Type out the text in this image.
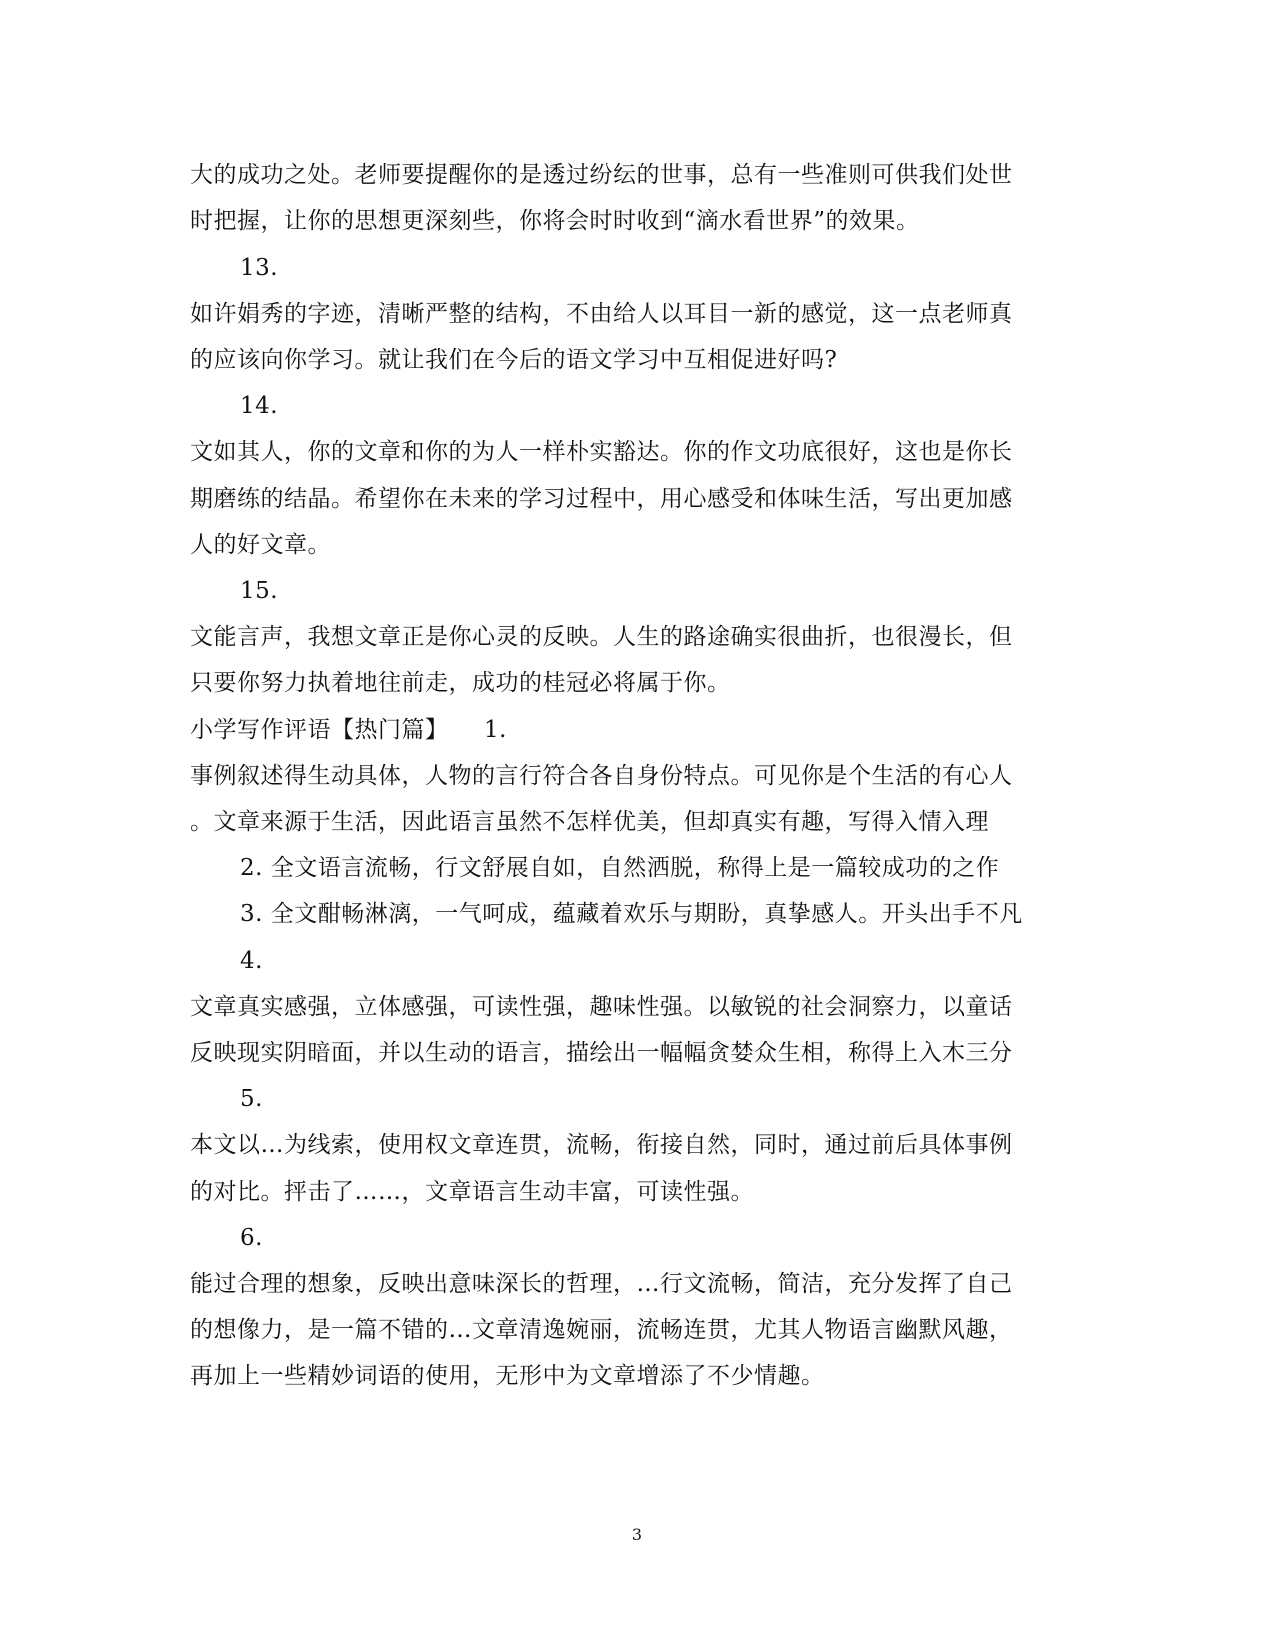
大的成功之处。老师要提醒你的是透过纷纭的世事，总有一些准则可供我们处世
时把握，让你的思想更深刻些，你将会时时收到“滴水看世界”的效果。
13.
如许娟秀的字迹，清晰严整的结构，不由给人以耳目一新的感觉，这一点老师真
的应该向你学习。就让我们在今后的语文学习中互相促进好吗?
14.
文如其人，你的文章和你的为人一样朴实豁达。你的作文功底很好，这也是你长
期磨练的结晶。希望你在未来的学习过程中，用心感受和体味生活，写出更加感
人的好文章。
15.
文能言声，我想文章正是你心灵的反映。人生的路途确实很曲折，也很漫长，但
只要你努力执着地往前走，成功的桂冠必将属于你。
小学写作评语【热门篇】　　1.
事例叙述得生动具体，人物的言行符合各自身份特点。可见你是个生活的有心人
。文章来源于生活，因此语言虽然不怎样优美，但却真实有趣，写得入情入理
2. 全文语言流畅，行文舒展自如，自然洒脱，称得上是一篇较成功的之作
3. 全文酣畅淋漓，一气呵成，蕴藏着欢乐与期盼，真挚感人。开头出手不凡
4.
文章真实感强，立体感强，可读性强，趣味性强。以敏锐的社会洞察力，以童话
反映现实阴暗面，并以生动的语言，描绘出一幅幅贪婪众生相，称得上入木三分
5.
本文以…为线索，使用权文章连贯，流畅，衔接自然，同时，通过前后具体事例
的对比。抨击了……，文章语言生动丰富，可读性强。
6.
能过合理的想象，反映出意味深长的哲理，…行文流畅，简洁，充分发挥了自己
的想像力，是一篇不错的…文章清逸婉丽，流畅连贯，尤其人物语言幽默风趣，
再加上一些精妙词语的使用，无形中为文章增添了不少情趣。
3
